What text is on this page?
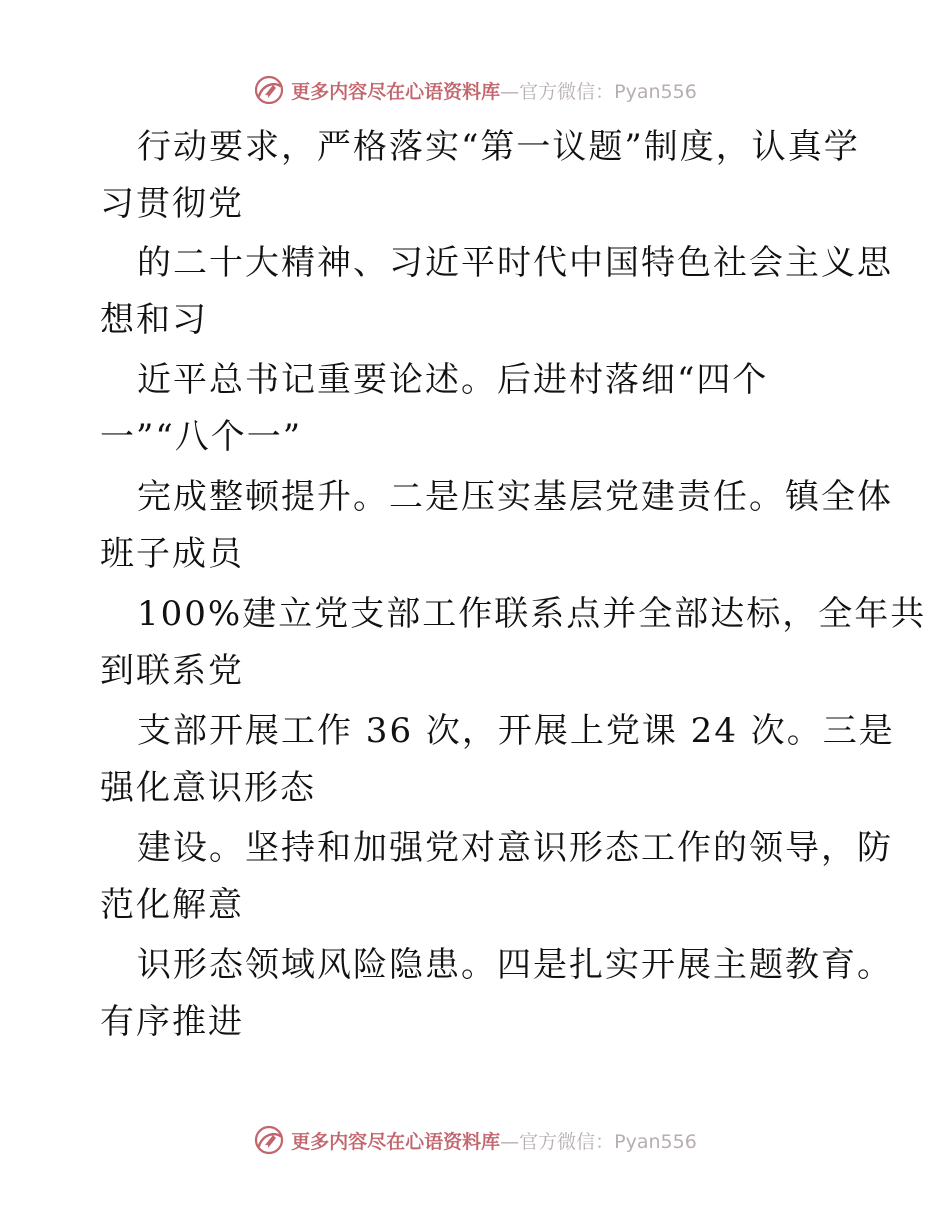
更多内容尽在心语资料库 — 官方微信：Pyan556
行动要求，严格落实“第一议题”制度，认真学
习贯彻党
的二十大精神、习近平时代中国特色社会主义思
想和习
近平总书记重要论述。后进村落细“四个
一”“八个一”
完成整顿提升。二是压实基层党建责任。镇全体
班子成员
100%建立党支部工作联系点并全部达标，全年共
到联系党
支部开展工作 36 次，开展上党课 24 次。三是
强化意识形态
建设。坚持和加强党对意识形态工作的领导，防
范化解意
识形态领域风险隐患。四是扎实开展主题教育。
有序推进
更多内容尽在心语资料库 — 官方微信：Pyan556
